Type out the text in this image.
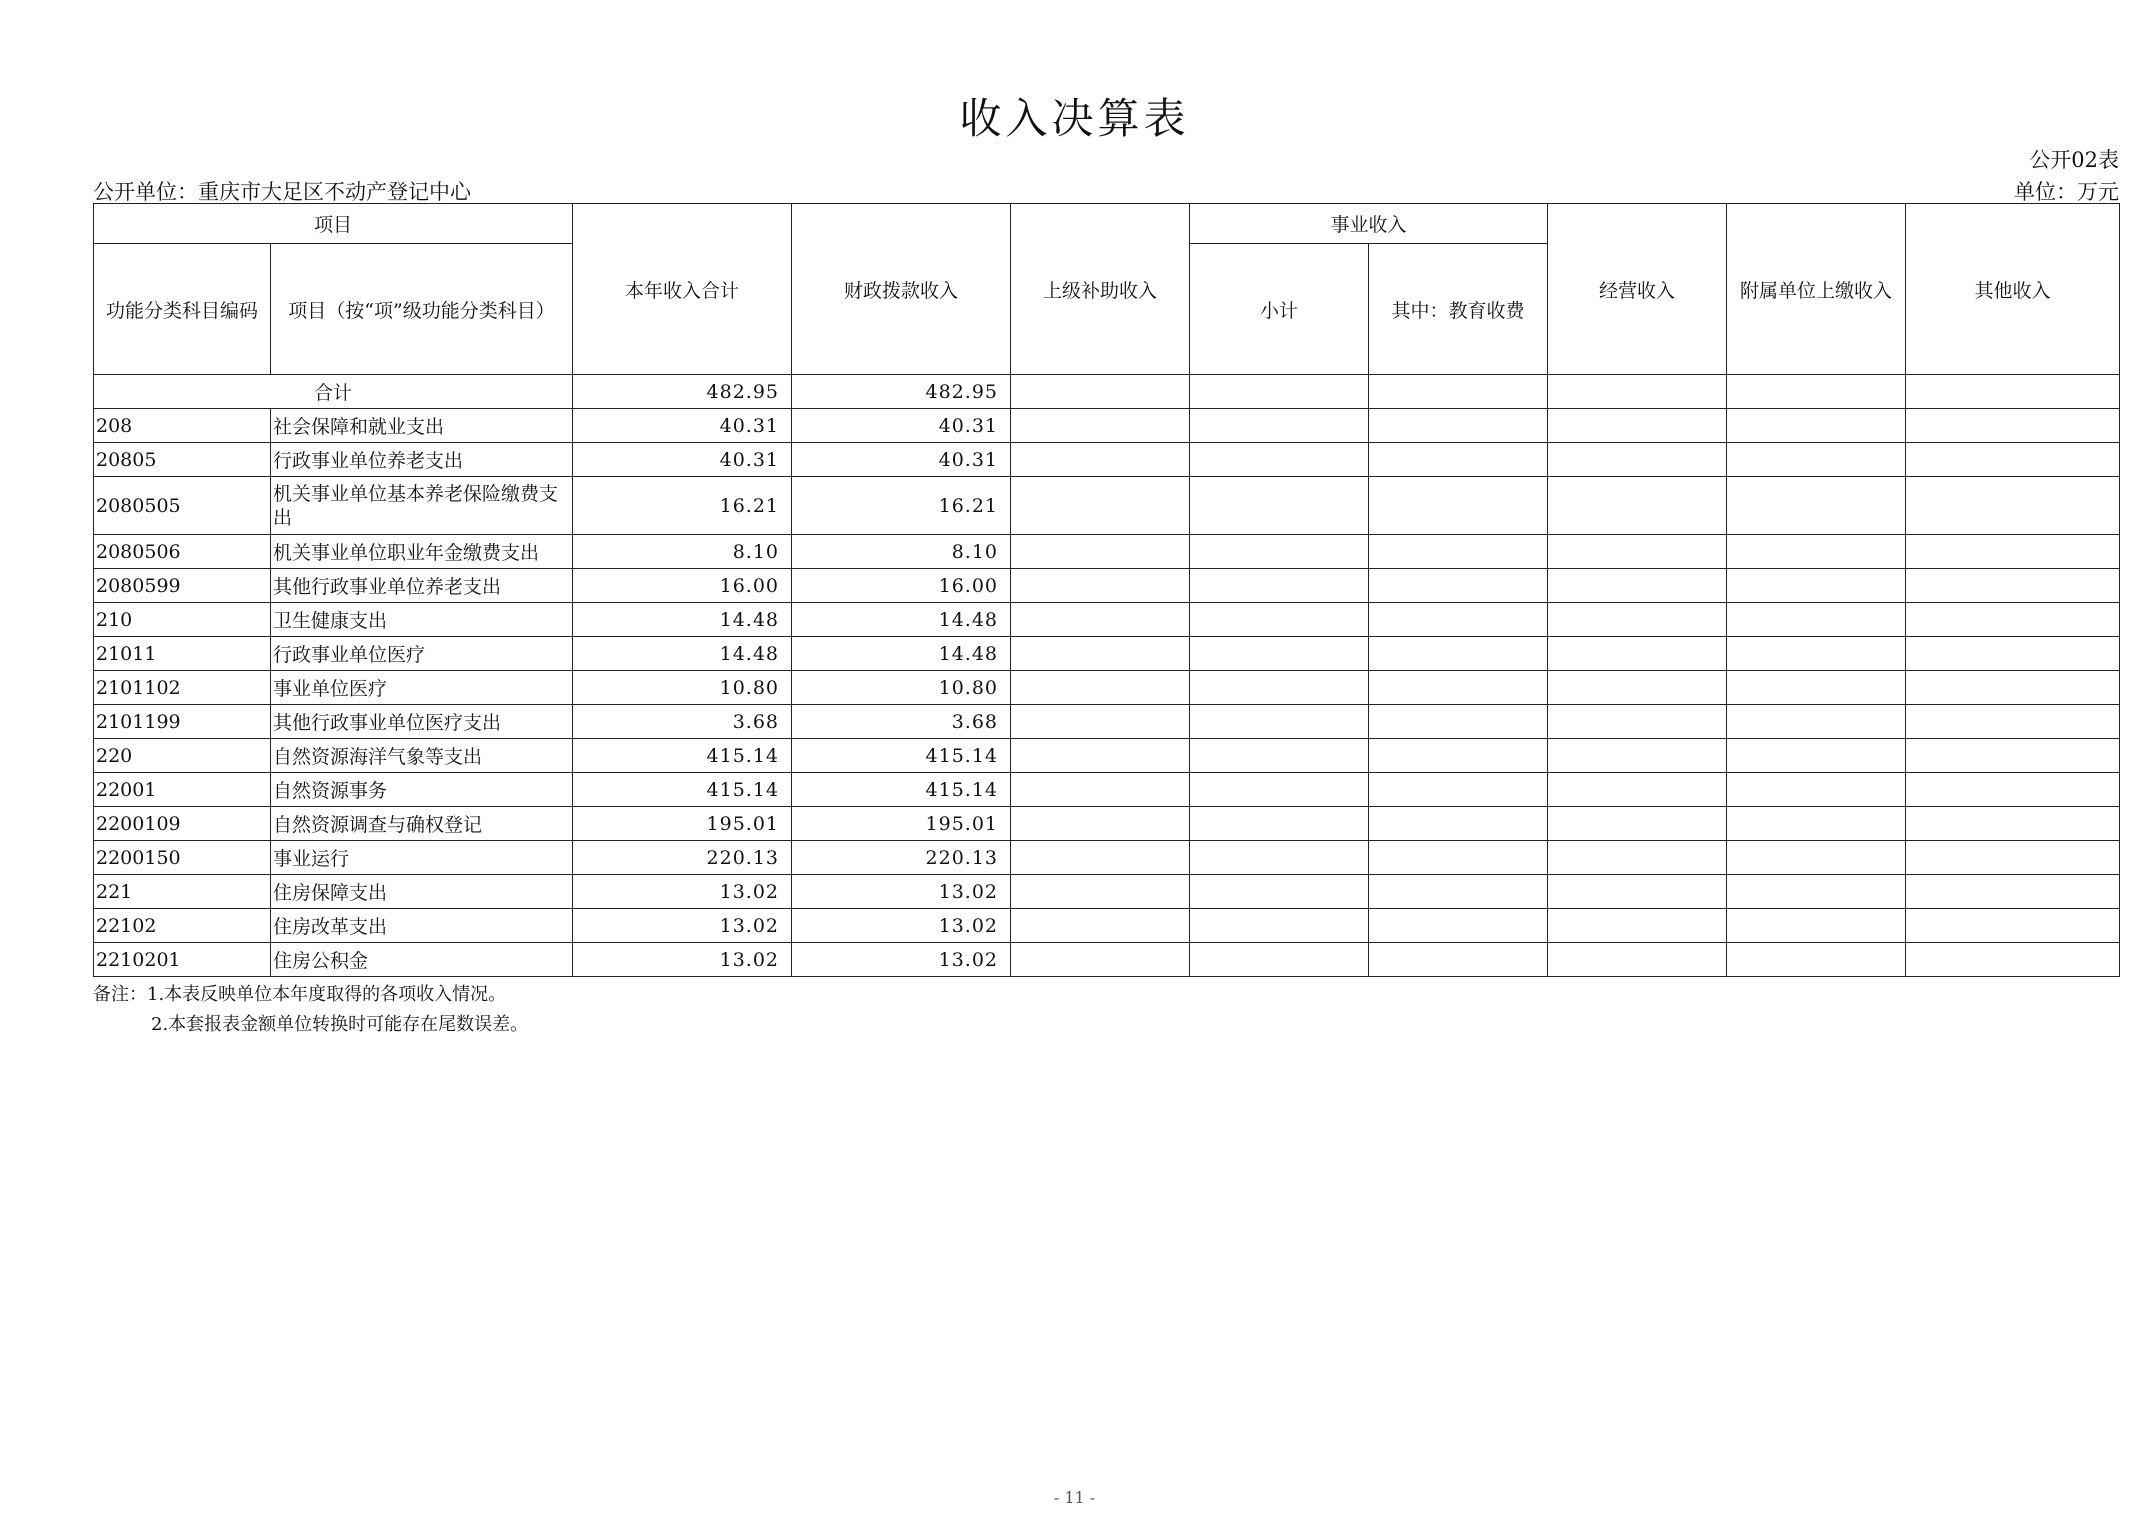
收入决算表
公开02表
公开单位：重庆市大足区不动产登记中心	单位：万元
项目		本年收入合计	财政拨款收入	上级补助收入	事业收入		经营收入	附属单位上缴收入	其他收入
功能分类科目编码	项目（按“项”级功能分类科目）				小计	其中：教育收费			
合计		482.95	482.95						
208	社会保障和就业支出	40.31	40.31						
20805	行政事业单位养老支出	40.31	40.31						
2080505	机关事业单位基本养老保险缴费支出	16.21	16.21						
2080506	机关事业单位职业年金缴费支出	8.10	8.10						
2080599	其他行政事业单位养老支出	16.00	16.00						
210	卫生健康支出	14.48	14.48						
21011	行政事业单位医疗	14.48	14.48						
2101102	事业单位医疗	10.80	10.80						
2101199	其他行政事业单位医疗支出	3.68	3.68						
220	自然资源海洋气象等支出	415.14	415.14						
22001	自然资源事务	415.14	415.14						
2200109	自然资源调查与确权登记	195.01	195.01						
2200150	事业运行	220.13	220.13						
221	住房保障支出	13.02	13.02						
22102	住房改革支出	13.02	13.02						
2210201	住房公积金	13.02	13.02						
备注：1.本表反映单位本年度取得的各项收入情况。
2.本套报表金额单位转换时可能存在尾数误差。
- 11 -
